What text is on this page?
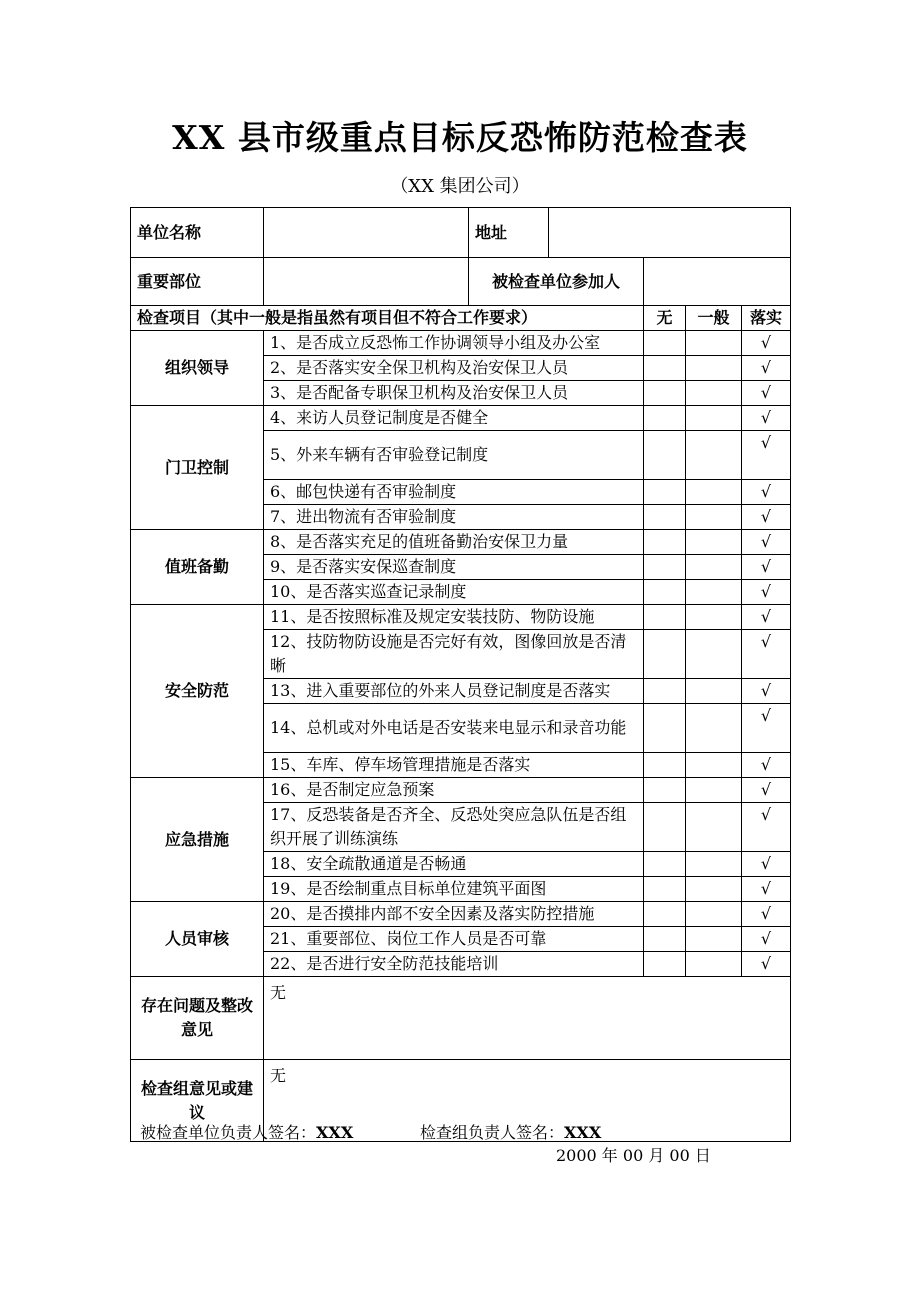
XX 县市级重点目标反恐怖防范检查表
（XX 集团公司）
单位名称		地址				
重要部位		被检查单位参加人				
检查项目（其中一般是指虽然有项目但不符合工作要求）				无	一般	落实
组织领导	1、是否成立反恐怖工作协调领导小组及办公室					√
	2、是否落实安全保卫机构及治安保卫人员					√
	3、是否配备专职保卫机构及治安保卫人员					√
门卫控制	4、来访人员登记制度是否健全					√
	5、外来车辆有否审验登记制度					√
	6、邮包快递有否审验制度					√
	7、进出物流有否审验制度					√
值班备勤	8、是否落实充足的值班备勤治安保卫力量					√
	9、是否落实安保巡查制度					√
	10、是否落实巡查记录制度					√
安全防范	11、是否按照标准及规定安装技防、物防设施					√
	12、技防物防设施是否完好有效，图像回放是否清晰					√
	13、进入重要部位的外来人员登记制度是否落实					√
	14、总机或对外电话是否安装来电显示和录音功能					√
	15、车库、停车场管理措施是否落实					√
应急措施	16、是否制定应急预案					√
	17、反恐装备是否齐全、反恐处突应急队伍是否组织开展了训练演练					√
	18、安全疏散通道是否畅通					√
	19、是否绘制重点目标单位建筑平面图					√
人员审核	20、是否摸排内部不安全因素及落实防控措施					√
	21、重要部位、岗位工作人员是否可靠					√
	22、是否进行安全防范技能培训					√
存在问题及整改意见	无					
检查组意见或建议	无					
被检查单位负责人签名：XXX	检查组负责人签名：XXX
2000 年 00 月 00 日
